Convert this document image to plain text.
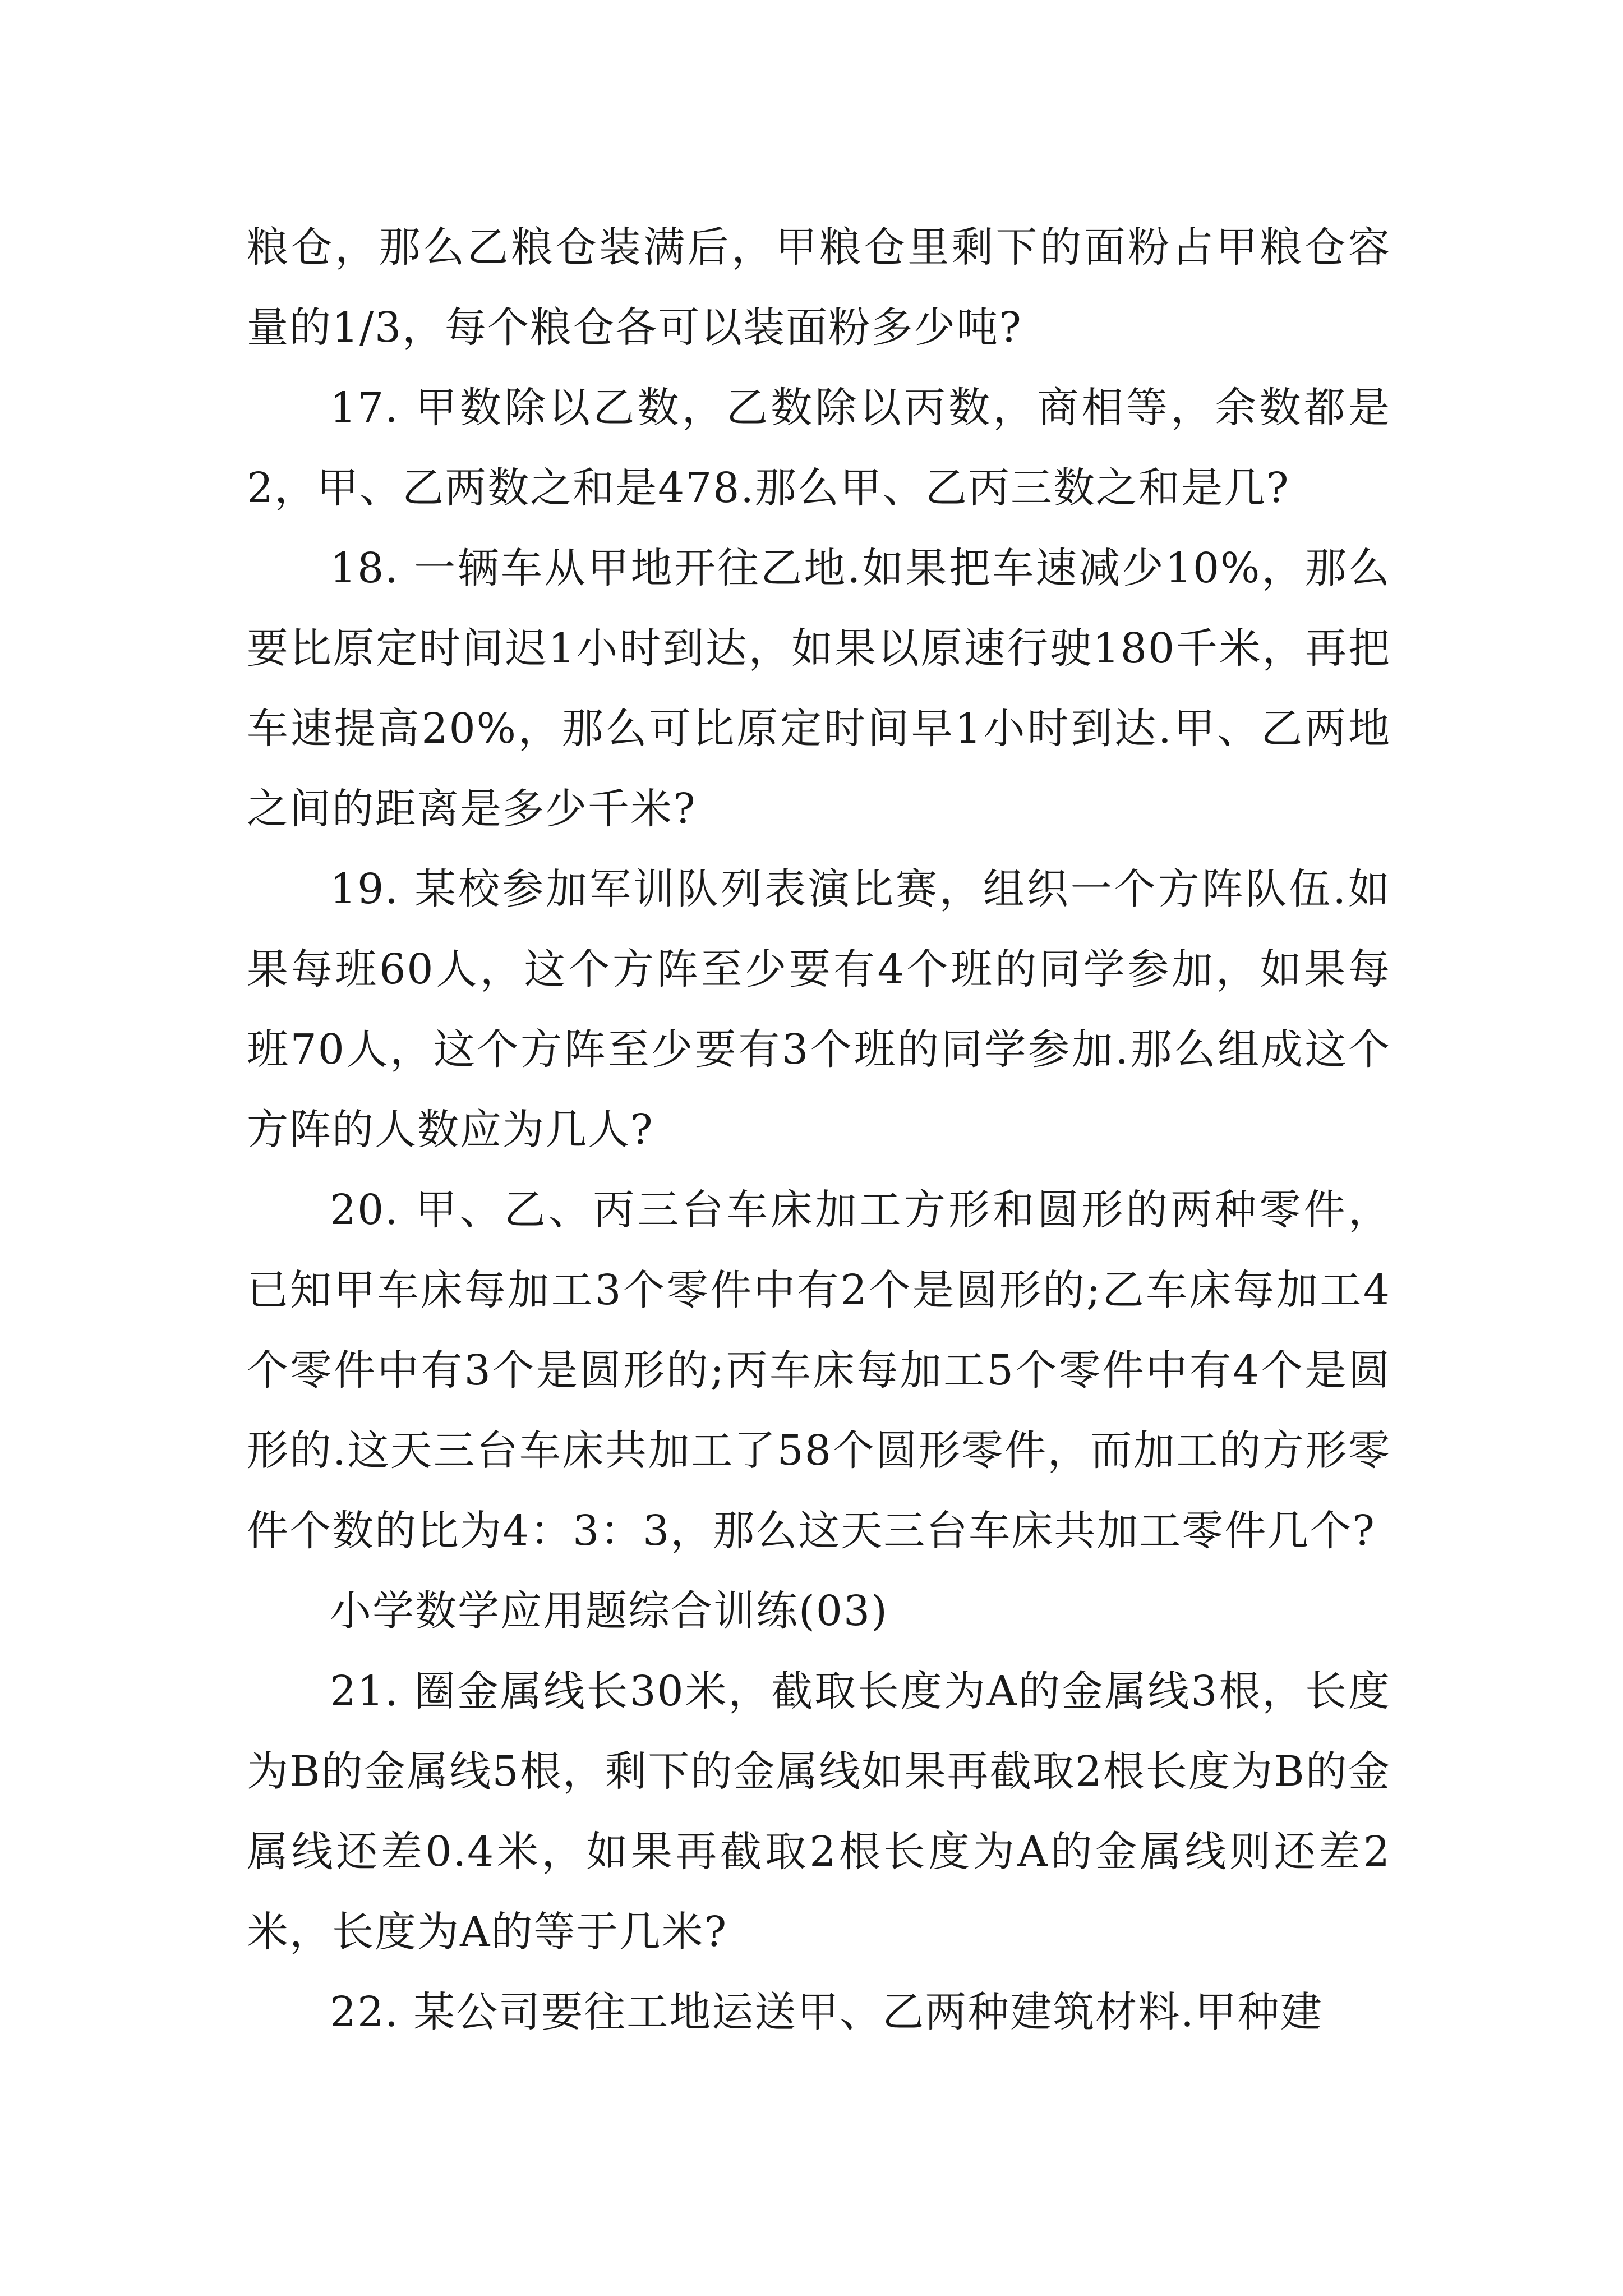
粮仓，那么乙粮仓装满后，甲粮仓里剩下的面粉占甲粮仓容量的1/3，每个粮仓各可以装面粉多少吨?

17. 甲数除以乙数，乙数除以丙数，商相等，余数都是2，甲、乙两数之和是478.那么甲、乙丙三数之和是几?

18. 一辆车从甲地开往乙地.如果把车速减少10%，那么要比原定时间迟1小时到达，如果以原速行驶180千米，再把车速提高20%，那么可比原定时间早1小时到达.甲、乙两地之间的距离是多少千米?

19. 某校参加军训队列表演比赛，组织一个方阵队伍.如果每班60人，这个方阵至少要有4个班的同学参加，如果每班70人，这个方阵至少要有3个班的同学参加.那么组成这个方阵的人数应为几人?

20. 甲、乙、丙三台车床加工方形和圆形的两种零件，已知甲车床每加工3个零件中有2个是圆形的;乙车床每加工4个零件中有3个是圆形的;丙车床每加工5个零件中有4个是圆形的.这天三台车床共加工了58个圆形零件，而加工的方形零件个数的比为4：3：3，那么这天三台车床共加工零件几个?

小学数学应用题综合训练(03)

21. 圈金属线长30米，截取长度为A的金属线3根，长度为B的金属线5根，剩下的金属线如果再截取2根长度为B的金属线还差0.4米，如果再截取2根长度为A的金属线则还差2米，长度为A的等于几米?

22. 某公司要往工地运送甲、乙两种建筑材料.甲种建
